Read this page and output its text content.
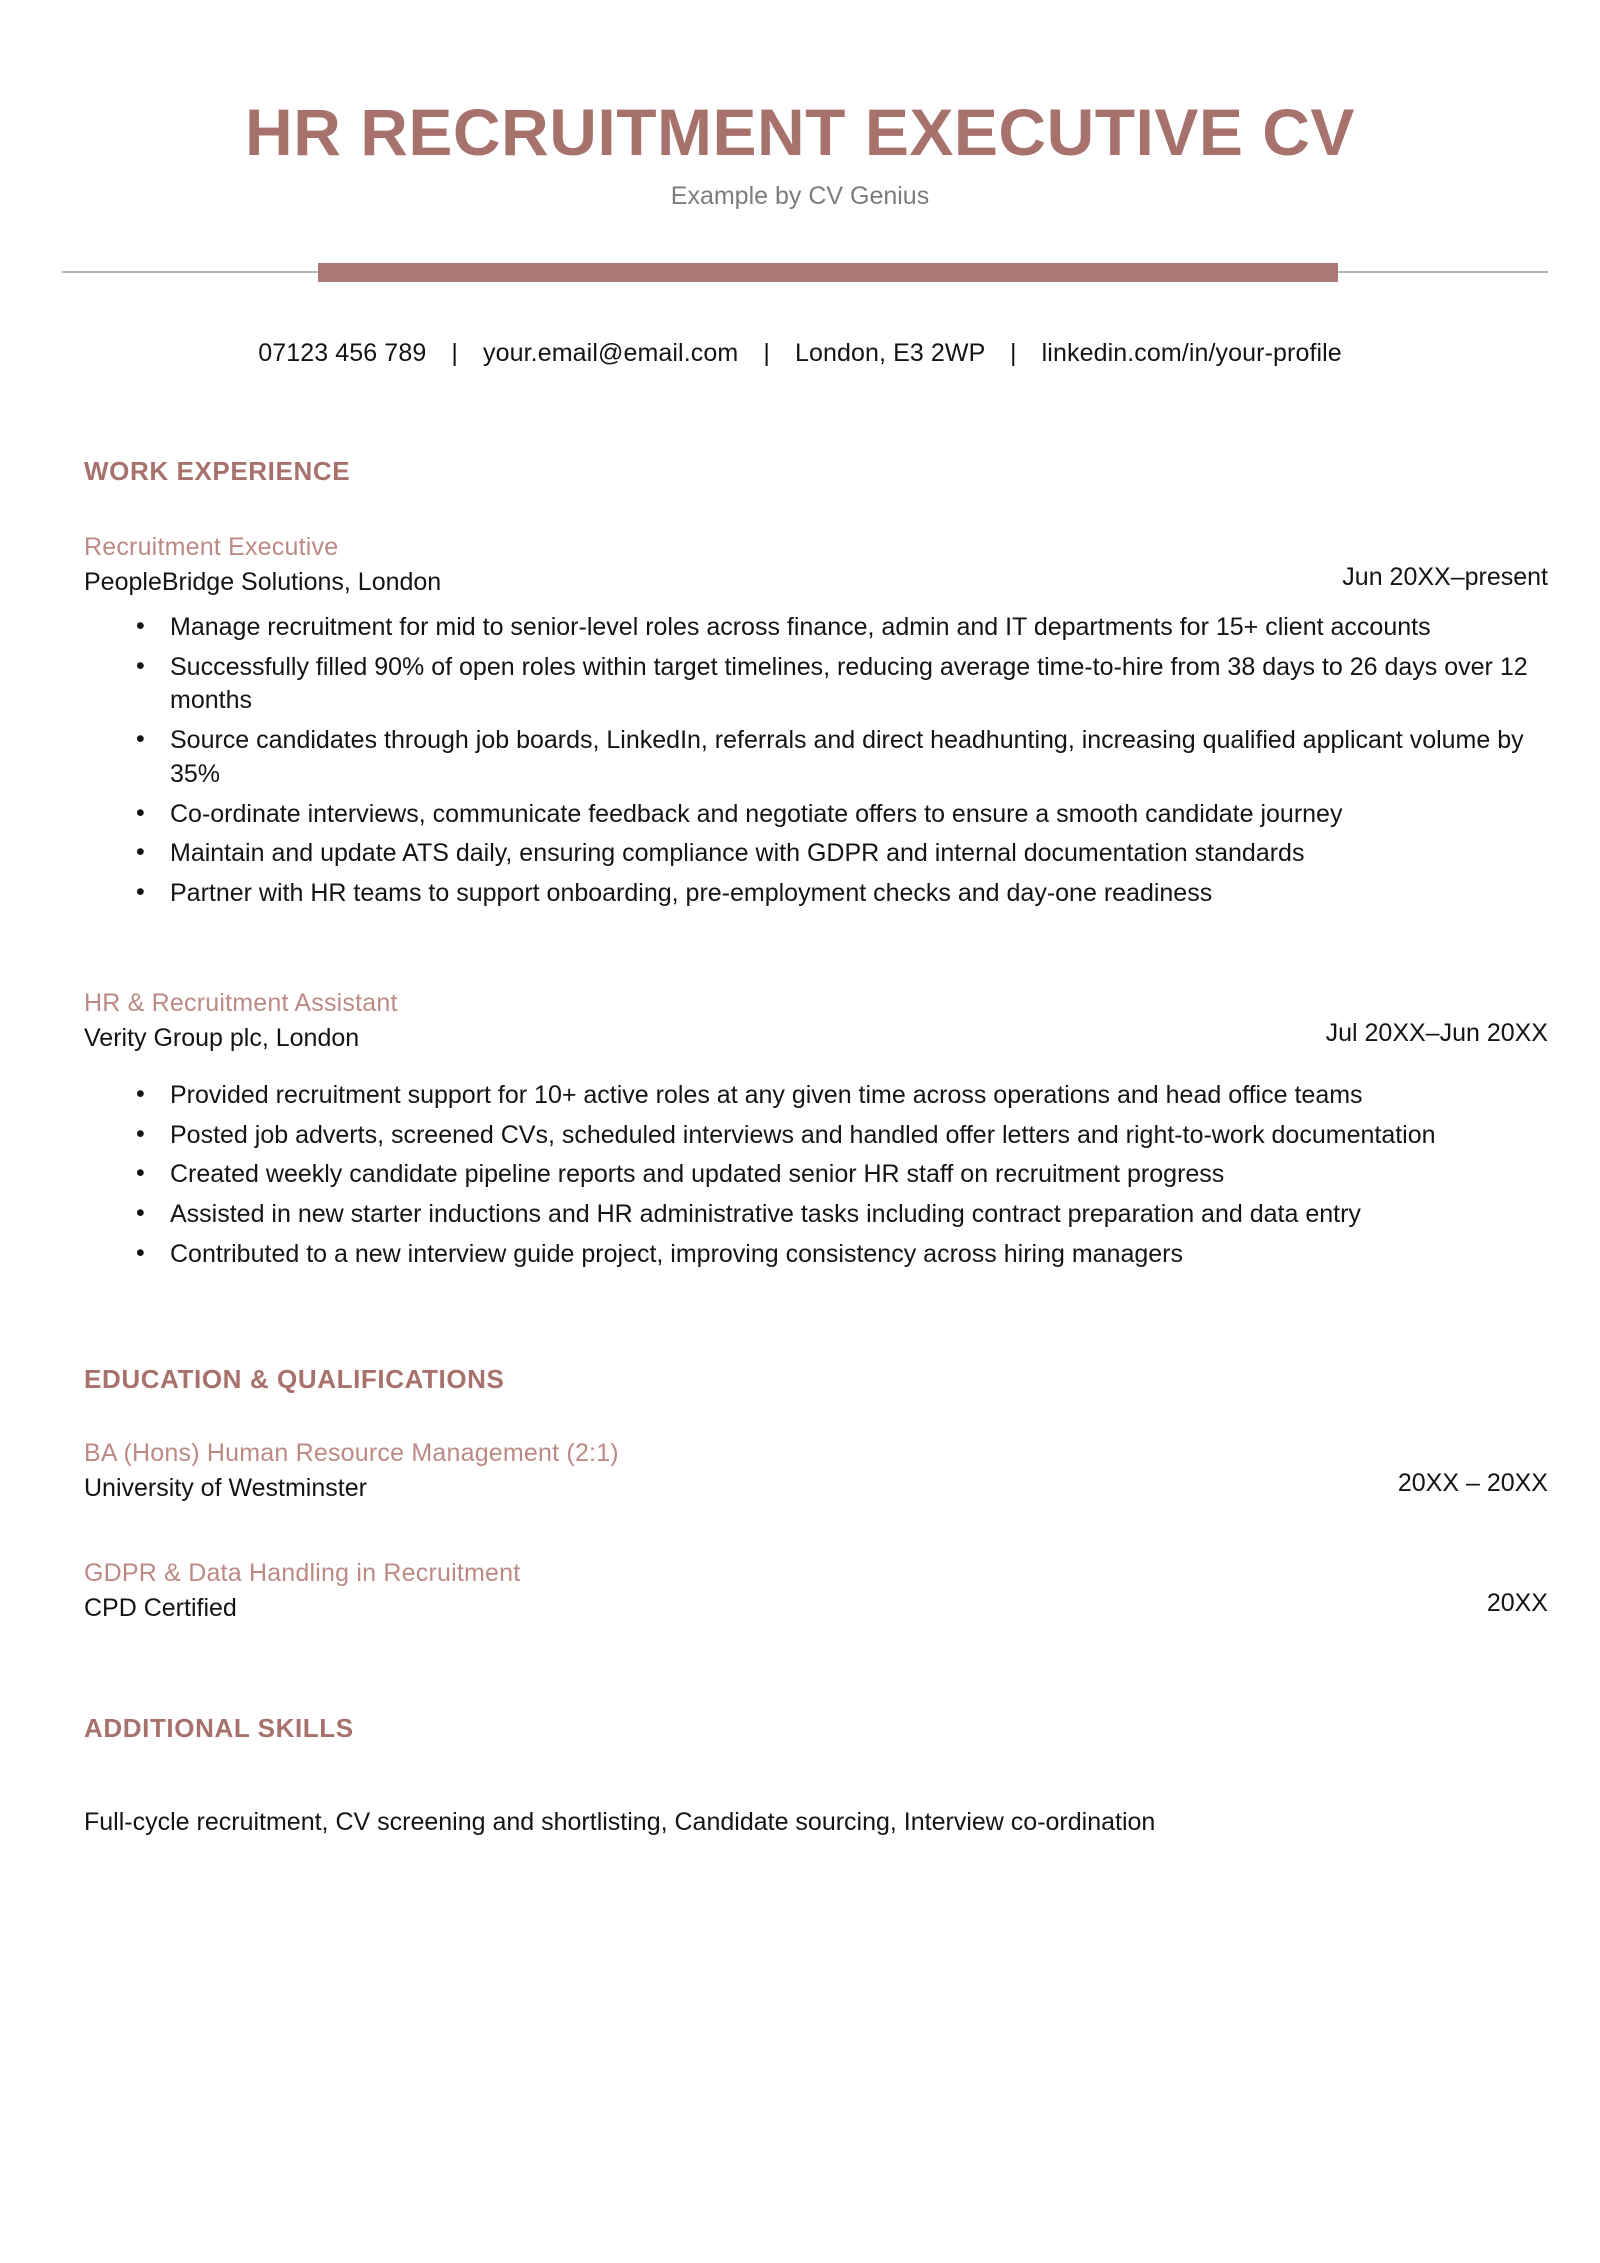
HR RECRUITMENT EXECUTIVE CV

Example by CV Genius

07123 456 789 | your.email@email.com | London, E3 2WP | linkedin.com/in/your-profile
WORK EXPERIENCE

Recruitment Executive

PeopleBridge Solutions, London	Jun 20XX–present
• Manage recruitment for mid to senior-level roles across finance, admin and IT departments for 15+ client accounts
• Successfully filled 90% of open roles within target timelines, reducing average time-to-hire from 38 days to 26 days over 12 months
• Source candidates through job boards, LinkedIn, referrals and direct headhunting, increasing qualified applicant volume by 35%
• Co-ordinate interviews, communicate feedback and negotiate offers to ensure a smooth candidate journey
• Maintain and update ATS daily, ensuring compliance with GDPR and internal documentation standards
• Partner with HR teams to support onboarding, pre-employment checks and day-one readiness

HR & Recruitment Assistant

Verity Group plc, London	Jul 20XX–Jun 20XX
• Provided recruitment support for 10+ active roles at any given time across operations and head office teams
• Posted job adverts, screened CVs, scheduled interviews and handled offer letters and right-to-work documentation
• Created weekly candidate pipeline reports and updated senior HR staff on recruitment progress
• Assisted in new starter inductions and HR administrative tasks including contract preparation and data entry
• Contributed to a new interview guide project, improving consistency across hiring managers
EDUCATION & QUALIFICATIONS

BA (Hons) Human Resource Management (2:1)

University of Westminster	20XX – 20XX

GDPR & Data Handling in Recruitment

CPD Certified	20XX
ADDITIONAL SKILLS

Full-cycle recruitment, CV screening and shortlisting, Candidate sourcing, Interview co-ordination
